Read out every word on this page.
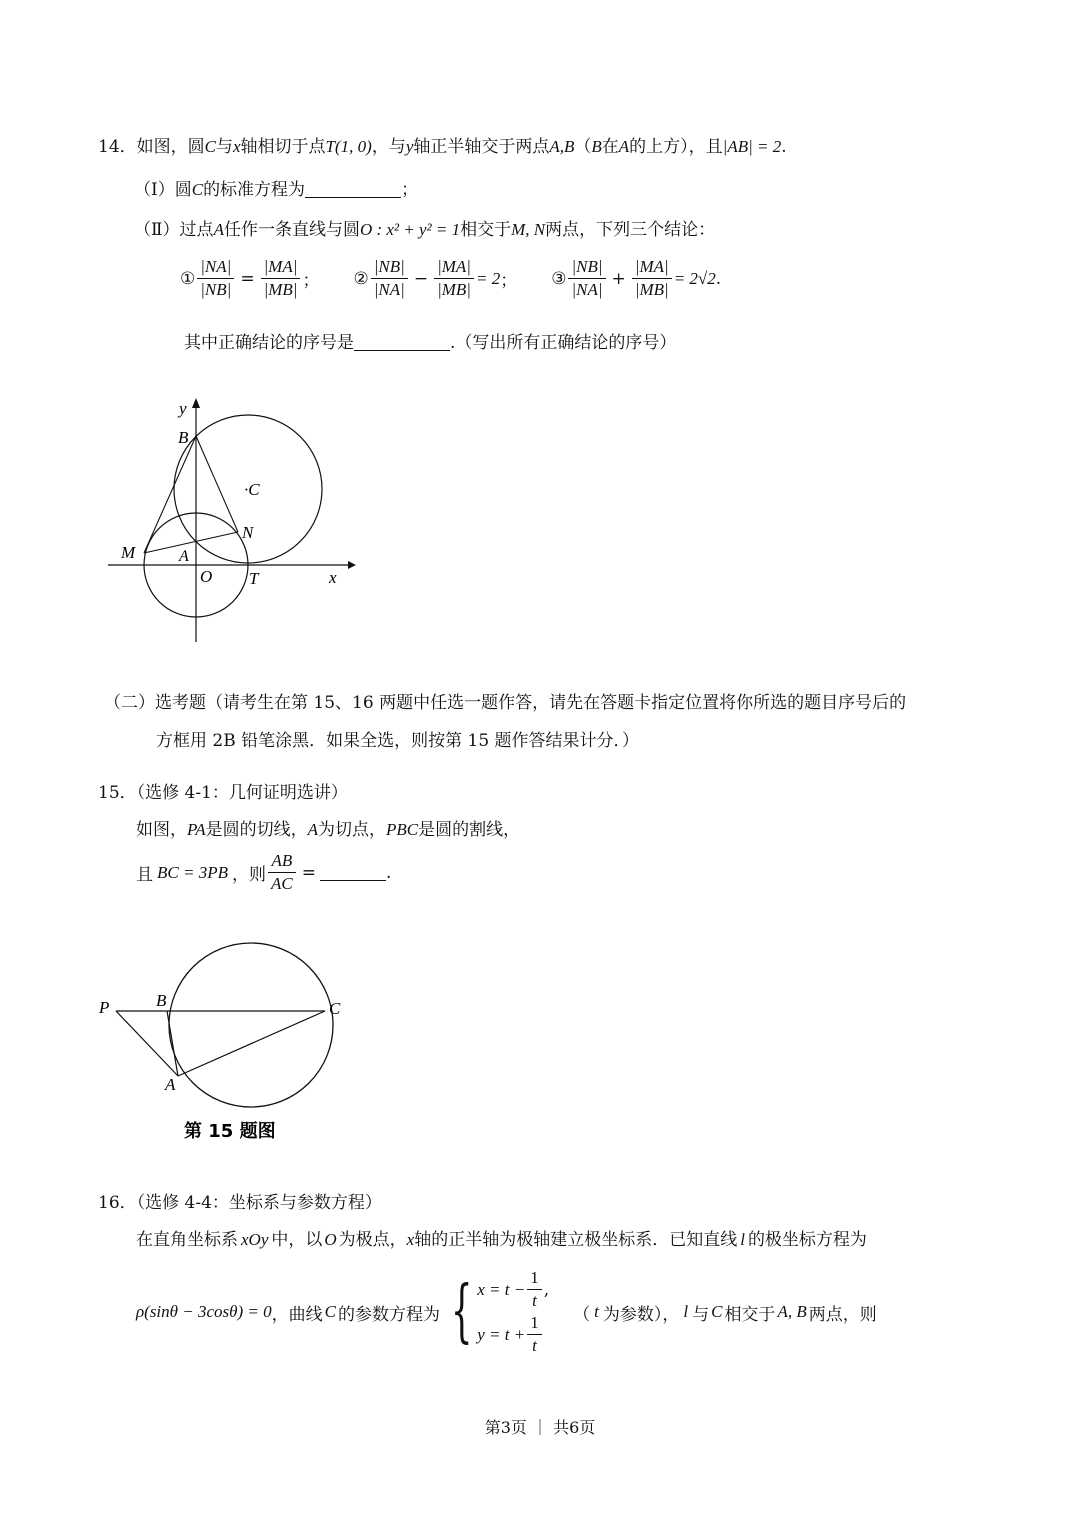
14．如图，圆C与x轴相切于点T(1, 0)，与y轴正半轴交于两点A,B（B在A的上方），且|AB| = 2.
（Ⅰ）圆C的标准方程为	；
（Ⅱ）过点A任作一条直线与圆O : x² + y² = 1相交于M, N两点，下列三个结论：
① $\frac{|NA|}{|NB|} = \frac{|MA|}{|MB|}$ ； ② $\frac{|NB|}{|NA|} - \frac{|MA|}{|MB|} = 2$ ； ③ $\frac{|NB|}{|NA|} + \frac{|MA|}{|MB|} = 2√2$ .
其中正确结论的序号是	.（写出所有正确结论的序号）
y
B
·C
N
M	A
O T	x
（二）选考题（请考生在第 15、16 两题中任选一题作答，请先在答题卡指定位置将你所选的题目序号后的
方框用 2B 铅笔涂黑．如果全选，则按第 15 题作答结果计分．）
15．（选修 4-1：几何证明选讲）
如图，PA是圆的切线，A为切点，PBC是圆的割线，
且 BC = 3PB ，则 $\frac{AB}{AC}$ =	.
P	B	C
A
第 15 题图
16．（选修 4-4：坐标系与参数方程）
在直角坐标系 xOy 中，以 O 为极点，x轴的正半轴为极轴建立极坐标系．已知直线 l 的极坐标方程为
ρ(sinθ − 3cosθ) = 0 ，曲线 C 的参数方程为 { $x = t - \frac{1}{t}$ ,
$y = t + \frac{1}{t}$ （ t 为参数）， l 与 C 相交于 A, B 两点，则
第3页 ｜ 共6页
